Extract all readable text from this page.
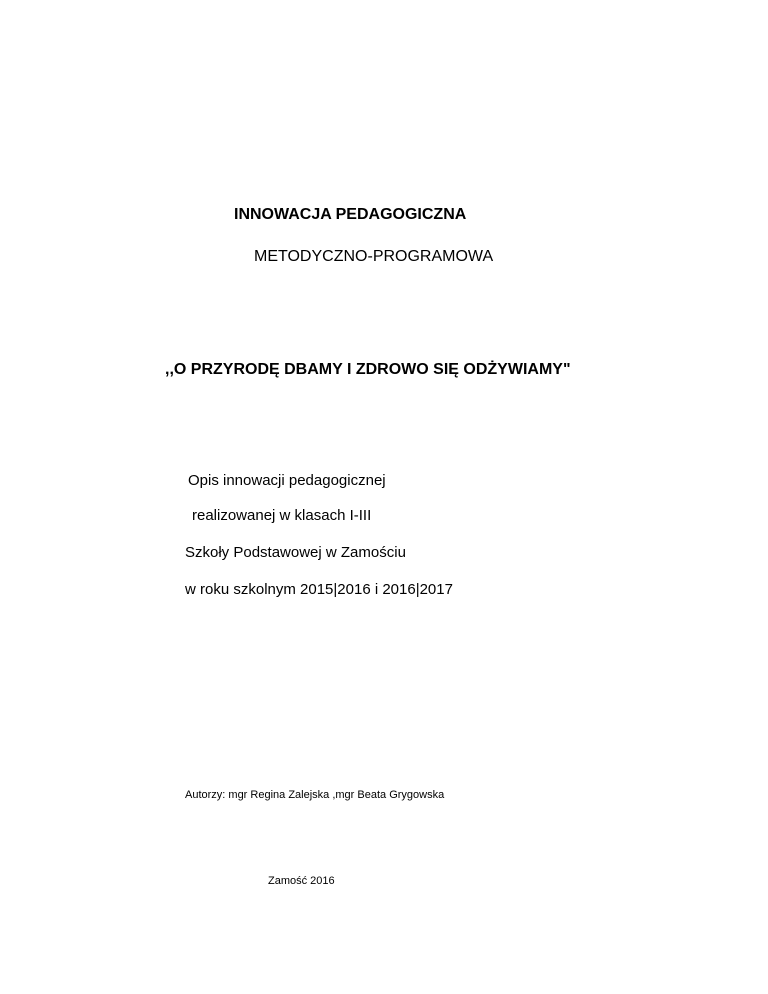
INNOWACJA PEDAGOGICZNA

METODYCZNO-PROGRAMOWA

,,O PRZYRODĘ DBAMY I ZDROWO SIĘ ODŻYWIAMY"

Opis innowacji pedagogicznej

realizowanej w klasach I-III

Szkoły Podstawowej w Zamościu

w roku szkolnym 2015|2016 i 2016|2017

Autorzy: mgr Regina Zalejska ,mgr Beata Grygowska

Zamość 2016
